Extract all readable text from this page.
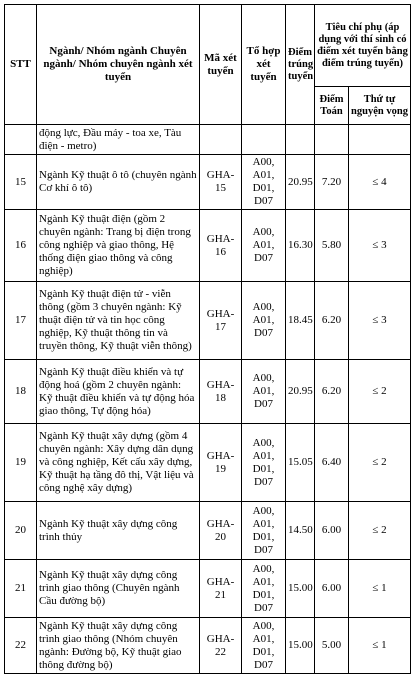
STT	Ngành/ Nhóm ngành Chuyên ngành/ Nhóm chuyên ngành xét tuyển	Mã xét tuyển	Tổ hợp xét tuyển	Điểm trúng tuyển	Tiêu chí phụ (áp dụng với thí sinh có điểm xét tuyển bằng điểm trúng tuyển)	
					Điểm Toán	Thứ tự nguyện vọng
	động lực, Đầu máy - toa xe, Tàu điện - metro)					
15	Ngành Kỹ thuật ô tô (chuyên ngành Cơ khí ô tô)	GHA-15	A00, A01, D01, D07	20.95	7.20	≤ 4
16	Ngành Kỹ thuật điện (gồm 2 chuyên ngành: Trang bị điện trong công nghiệp và giao thông, Hệ thống điện giao thông và công nghiệp)	GHA-16	A00, A01, D07	16.30	5.80	≤ 3
17	Ngành Kỹ thuật điện tử - viễn thông (gồm 3 chuyên ngành: Kỹ thuật điện tử và tin học công nghiệp, Kỹ thuật thông tin và truyền thông, Kỹ thuật viễn thông)	GHA-17	A00, A01, D07	18.45	6.20	≤ 3
18	Ngành Kỹ thuật điều khiển và tự động hoá (gồm 2 chuyên ngành: Kỹ thuật điều khiển và tự động hóa giao thông, Tự động hóa)	GHA-18	A00, A01, D07	20.95	6.20	≤ 2
19	Ngành Kỹ thuật xây dựng (gồm 4 chuyên ngành: Xây dựng dân dụng và công nghiệp, Kết cấu xây dựng, Kỹ thuật hạ tầng đô thị, Vật liệu và công nghệ xây dựng)	GHA-19	A00, A01, D01, D07	15.05	6.40	≤ 2
20	Ngành Kỹ thuật xây dựng công trình thủy	GHA-20	A00, A01, D01, D07	14.50	6.00	≤ 2
21	Ngành Kỹ thuật xây dựng công trình giao thông (Chuyên ngành Cầu đường bộ)	GHA-21	A00, A01, D01, D07	15.00	6.00	≤ 1
22	Ngành Kỹ thuật xây dựng công trình giao thông (Nhóm chuyên ngành: Đường bộ, Kỹ thuật giao thông đường bộ)	GHA-22	A00, A01, D01, D07	15.00	5.00	≤ 1
